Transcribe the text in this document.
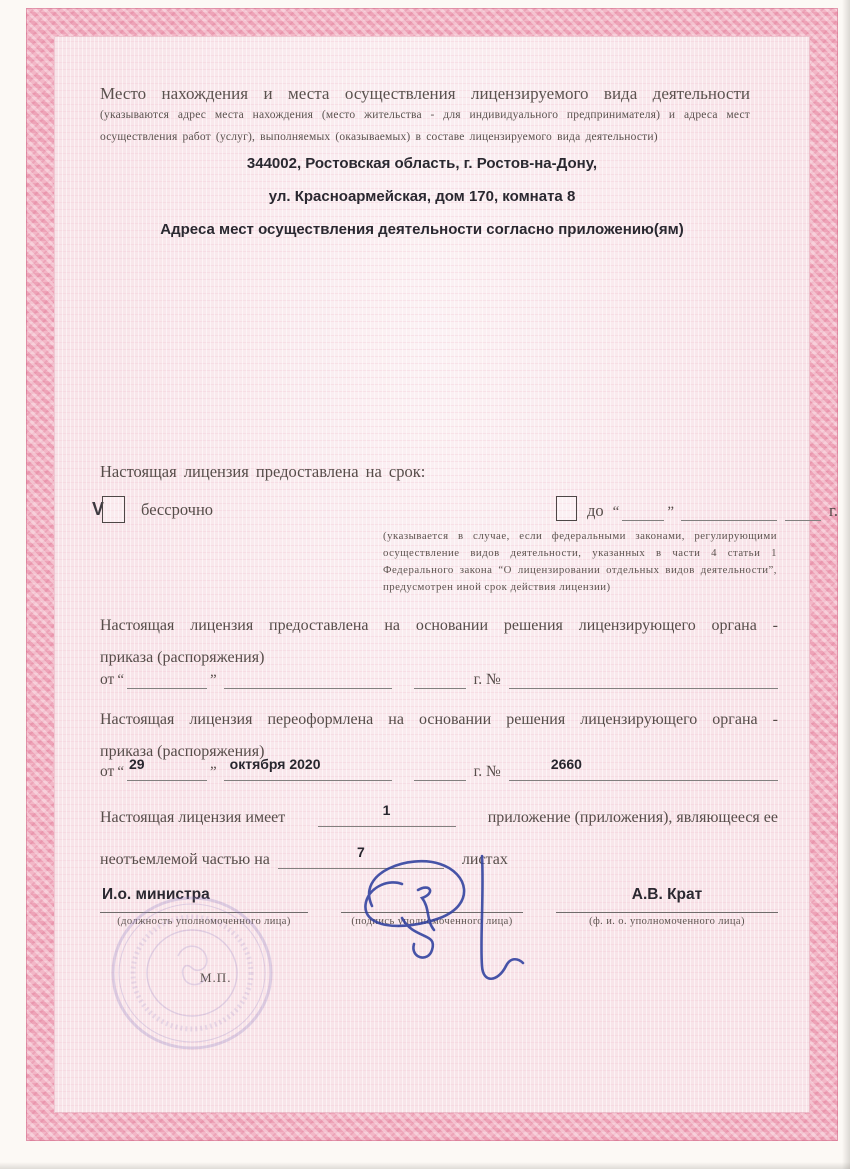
Место нахождения и места осуществления лицензируемого вида деятельности (указываются адрес места нахождения (место жительства - для индивидуального предпринимателя) и адреса мест осуществления работ (услуг), выполняемых (оказываемых) в составе лицензируемого вида деятельности)
344002, Ростовская область, г. Ростов-на-Дону,
ул. Красноармейская, дом 170, комната 8
Адреса мест осуществления деятельности согласно приложению(ям)
Настоящая лицензия предоставлена на срок:
V бессрочно	до “	”	г.
(указывается в случае, если федеральными законами, регулирующими осуществление видов деятельности, указанных в части 4 статьи 1 Федерального закона “О лицензировании отдельных видов деятельности”, предусмотрен иной срок действия лицензии)
Настоящая лицензия предоставлена на основании решения лицензирующего органа -
приказа (распоряжения)
от “	”	г. №
Настоящая лицензия переоформлена на основании решения лицензирующего органа -
приказа (распоряжения)
от “ 29	” октября 2020	г. №	2660
Настоящая лицензия имеет	1	приложение (приложения), являющееся ее
неотъемлемой частью на	7	листах
И.о. министра
(должность уполномоченного лица)	(подпись уполномоченного лица)
А.В. Крат
(ф. и. о. уполномоченного лица)
М.П.
